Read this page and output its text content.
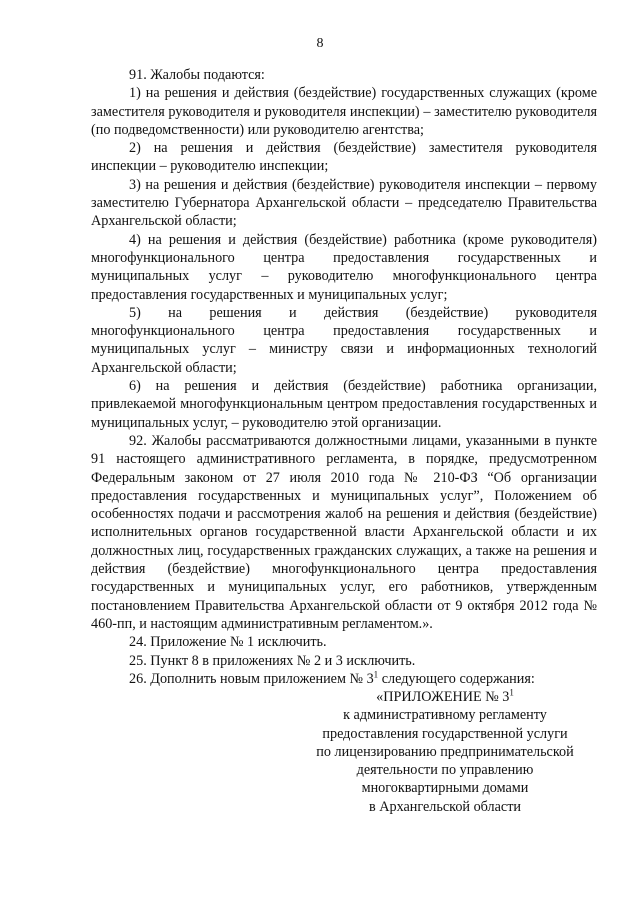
8

91. Жалобы подаются:

1) на решения и действия (бездействие) государственных служащих (кроме заместителя руководителя и руководителя инспекции) – заместителю руководителя (по подведомственности) или руководителю агентства;

2) на решения и действия (бездействие) заместителя руководителя инспекции – руководителю инспекции;

3) на решения и действия (бездействие) руководителя инспекции – первому заместителю Губернатора Архангельской области – председателю Правительства Архангельской области;

4) на решения и действия (бездействие) работника (кроме руководителя) многофункционального центра предоставления государственных и муниципальных услуг – руководителю многофункционального центра предоставления государственных и муниципальных услуг;

5) на решения и действия (бездействие) руководителя многофункционального центра предоставления государственных и муниципальных услуг – министру связи и информационных технологий Архангельской области;

6) на решения и действия (бездействие) работника организации, привлекаемой многофункциональным центром предоставления государственных и муниципальных услуг, – руководителю этой организации.

92. Жалобы рассматриваются должностными лицами, указанными в пункте 91 настоящего административного регламента, в порядке, предусмотренном Федеральным законом от 27 июля 2010 года № 210-ФЗ “Об организации предоставления государственных и муниципальных услуг”, Положением об особенностях подачи и рассмотрения жалоб на решения и действия (бездействие) исполнительных органов государственной власти Архангельской области и их должностных лиц, государственных гражданских служащих, а также на решения и действия (бездействие) многофункционального центра предоставления государственных и муниципальных услуг, его работников, утвержденным постановлением Правительства Архангельской области от 9 октября 2012 года № 460-пп, и настоящим административным регламентом.».

24. Приложение № 1 исключить.

25. Пункт 8 в приложениях № 2 и 3 исключить.

26. Дополнить новым приложением № $3^1$ следующего содержания:

«ПРИЛОЖЕНИЕ № $3^1$
к административному регламенту
предоставления государственной услуги
по лицензированию предпринимательской
деятельности по управлению
многоквартирными домами
в Архангельской области
